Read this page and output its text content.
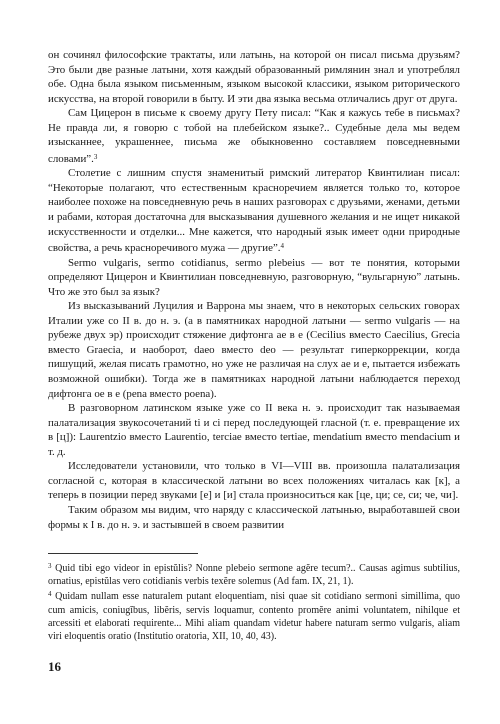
он сочинял философские трактаты, или латынь, на которой он писал письма друзьям? Это были две разные латыни, хотя каждый образованный римлянин знал и употреблял обе. Одна была языком письменным, языком высокой классики, языком риторического искусства, на второй говорили в быту. И эти два языка весьма отличались друг от друга.

Сам Цицерон в письме к своему другу Пету писал: “Как я кажусь тебе в письмах? Не правда ли, я говорю с тобой на плебейском языке?.. Судебные дела мы ведем изысканнее, украшеннее, письма же обыкновенно составляем повседневными словами”.$^3$

Столетие с лишним спустя знаменитый римский литератор Квинтилиан писал: “Некоторые полагают, что естественным красноречием является только то, которое наиболее похоже на повседневную речь в наших разговорах с друзьями, женами, детьми и рабами, которая достаточна для высказывания душевного желания и не ищет никакой искусственности и отделки... Мне кажется, что народный язык имеет одни природные свойства, а речь красноречивого мужа — другие”.$^4$

Sermo vulgaris, sermo cotidianus, sermo plebeius — вот те понятия, которыми определяют Цицерон и Квинтилиан повседневную, разговорную, “вульгарную” латынь. Что же это был за язык?

Из высказываний Луцилия и Варрона мы знаем, что в некоторых сельских говорах Италии уже со II в. до н. э. (а в памятниках народной латыни — sermo vulgaris — на рубеже двух эр) происходит стяжение дифтонга ae в e (Cecilius вместо Caecilius, Grecia вместо Graecia, и наоборот, daeo вместо deo — результат гиперкоррекции, когда пишущий, желая писать грамотно, но уже не различая на слух ae и e, пытается избежать возможной ошибки). Тогда же в памятниках народной латыни наблюдается переход дифтонга oe в e (pena вместо poena).

В разговорном латинском языке уже со II века н. э. происходит так называемая палатализация звукосочетаний ti и ci перед последующей гласной (т. е. превращение их в [ц]): Laurentzio вместо Laurentio, terciae вместо tertiae, mendatium вместо mendacium и т. д.

Исследователи установили, что только в VI—VIII вв. произошла палатализация согласной c, которая в классической латыни во всех положениях читалась как [к], а теперь в позиции перед звуками [е] и [и] стала произноситься как [це, ци; се, си; че, чи].

Таким образом мы видим, что наряду с классической латынью, выработавшей свои формы к I в. до н. э. и застывшей в своем развитии

$^3$ Quid tibi ego videor in epistŭlis? Nonne plebeio sermone agĕre tecum?.. Causas agimus subtilius, ornatius, epistŭlas vero cotidianis verbis texĕre solemus (Ad fam. IX, 21, 1).

$^4$ Quidam nullam esse naturalem putant eloquentiam, nisi quae sit cotidiano sermoni simillima, quo cum amicis, coniugĭbus, libĕris, servis loquamur, contento promĕre animi voluntatem, nihilque et arcessiti et elaborati requirente... Mihi aliam quandam videtur habere naturam sermo vulgaris, aliam viri eloquentis oratio (Institutio oratoria, XII, 10, 40, 43).

16
